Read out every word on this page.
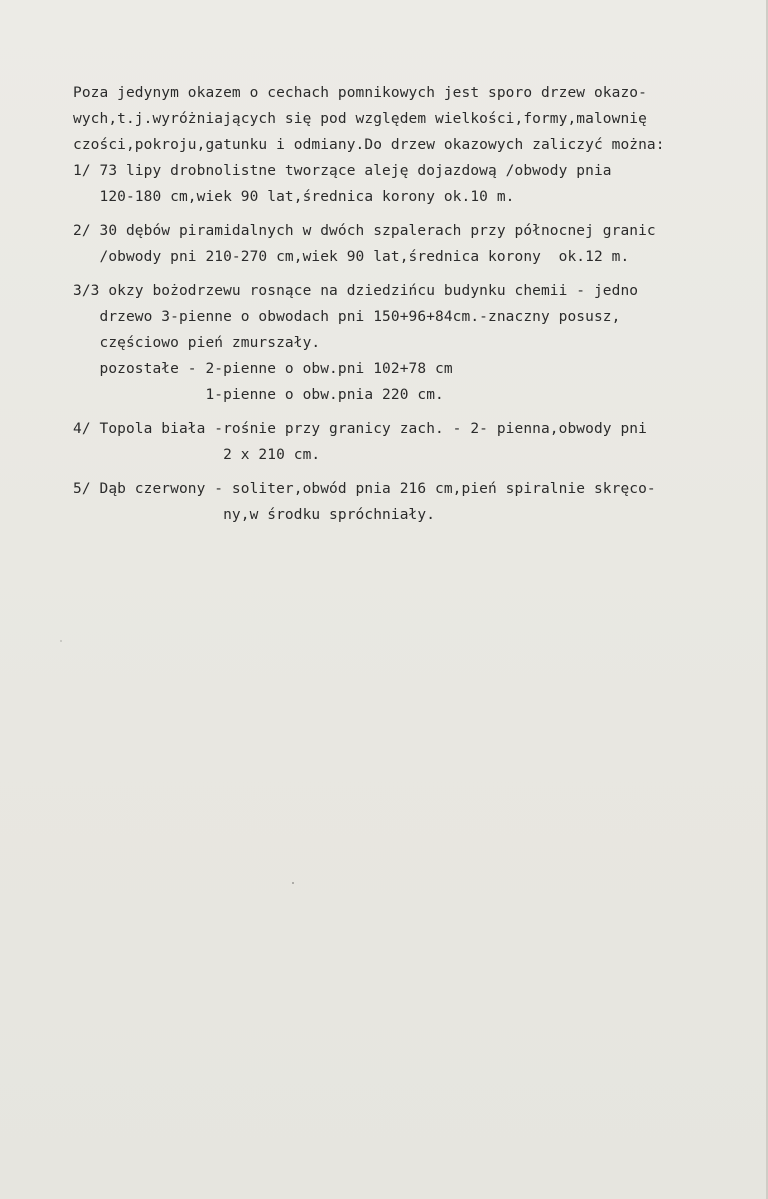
Poza jedynym okazem o cechach pomnikowych jest sporo drzew okazo-
wych,t.j.wyróżniających się pod względem wielkości,formy,malownię
czości,pokroju,gatunku i odmiany.Do drzew okazowych zaliczyć można:
1/ 73 lipy drobnolistne tworzące aleję dojazdową /obwody pnia
120-180 cm,wiek 90 lat,średnica korony ok.10 m.
2/ 30 dębów piramidalnych w dwóch szpalerach przy północnej granic
/obwody pni 210-270 cm,wiek 90 lat,średnica korony  ok.12 m.
3/3 okzy bożodrzewu rosnące na dziedzińcu budynku chemii - jedno
drzewo 3-pienne o obwodach pni 150+96+84cm.-znaczny posusz,
częściowo pień zmurszały.
pozostałe - 2-pienne o obw.pni 102+78 cm
1-pienne o obw.pnia 220 cm.
4/ Topola biała -rośnie przy granicy zach. - 2- pienna,obwody pni
2 x 210 cm.
5/ Dąb czerwony - soliter,obwód pnia 216 cm,pień spiralnie skręco-
ny,w środku spróchniały.
